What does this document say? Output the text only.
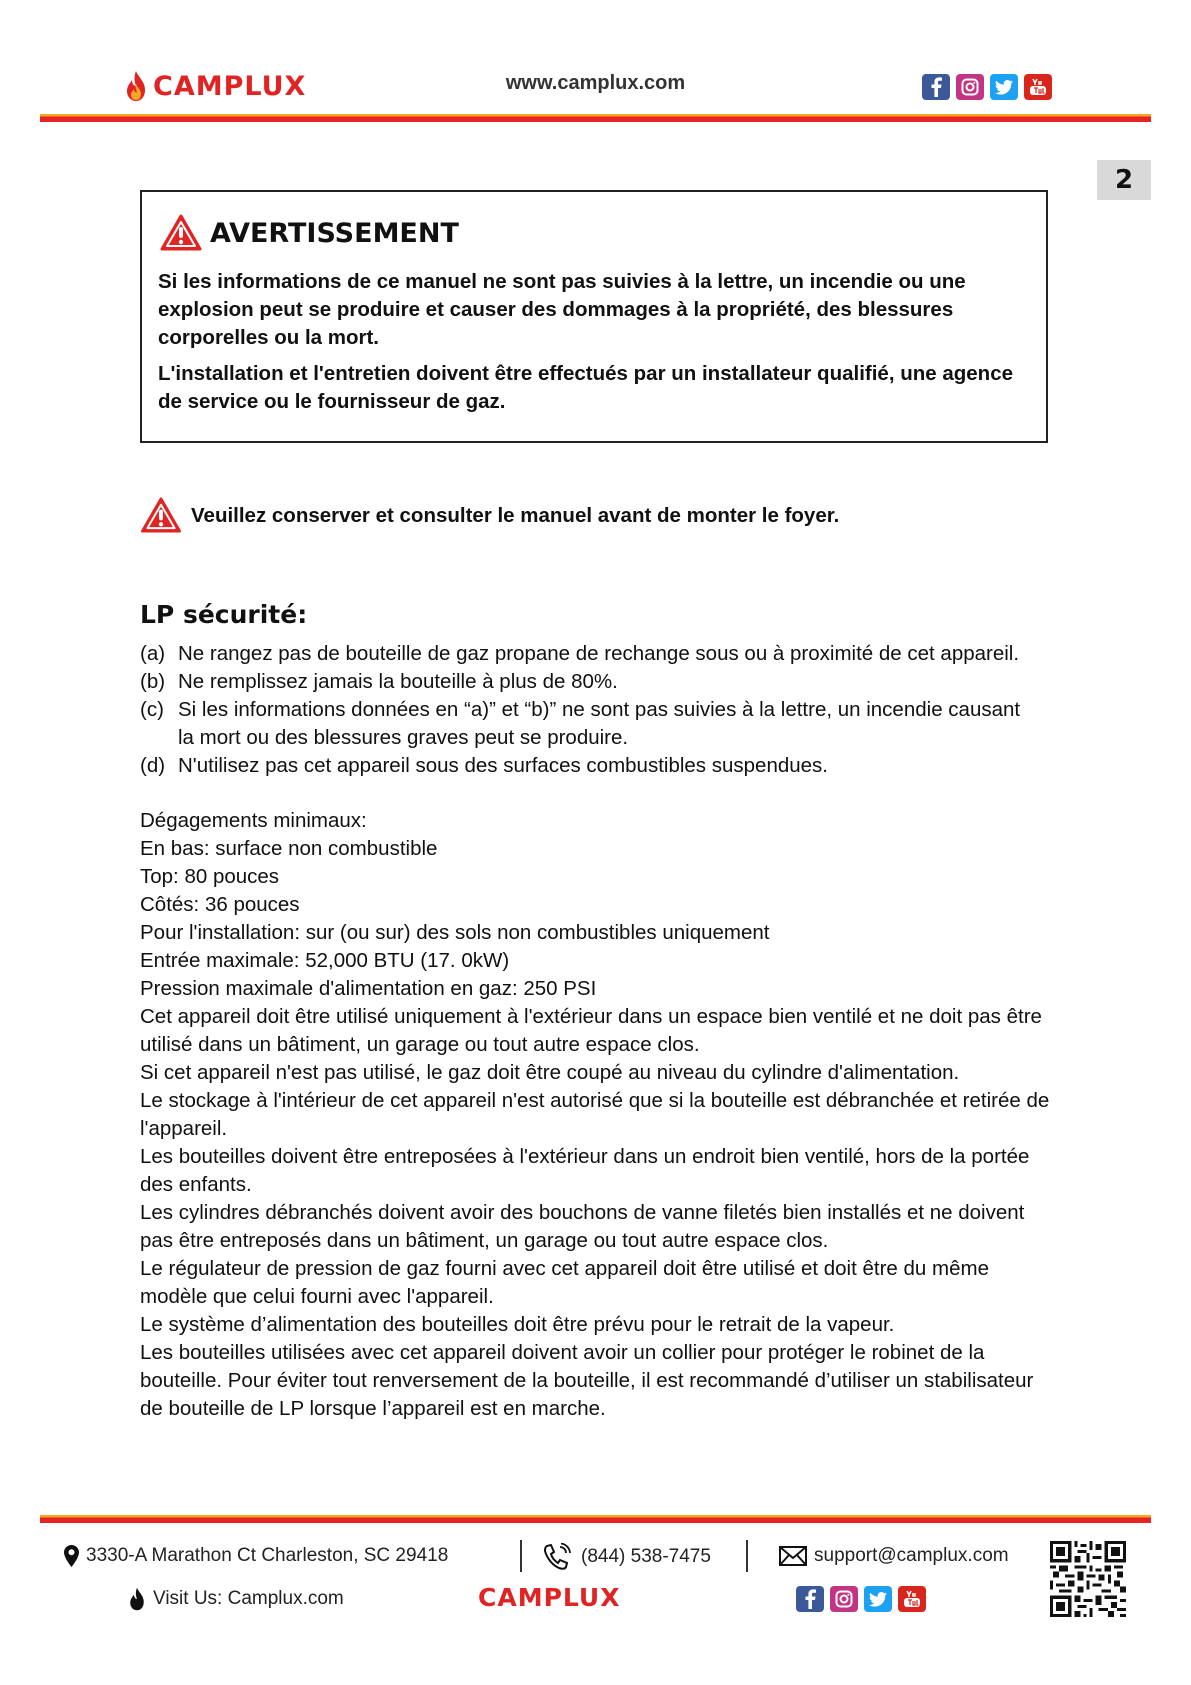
CAMPLUX	www.camplux.com
2
AVERTISSEMENT

Si les informations de ce manuel ne sont pas suivies à la lettre, un incendie ou une explosion peut se produire et causer des dommages à la propriété, des blessures corporelles ou la mort.

L'installation et l'entretien doivent être effectués par un installateur qualifié, une agence de service ou le fournisseur de gaz.

Veuillez conserver et consulter le manuel avant de monter le foyer.
LP sécurité:
(a) Ne rangez pas de bouteille de gaz propane de rechange sous ou à proximité de cet appareil.
(b) Ne remplissez jamais la bouteille à plus de 80%.
(c) Si les informations données en “a)” et “b)” ne sont pas suivies à la lettre, un incendie causant la mort ou des blessures graves peut se produire.
(d) N'utilisez pas cet appareil sous des surfaces combustibles suspendues.

Dégagements minimaux:

En bas: surface non combustible

Top: 80 pouces

Côtés: 36 pouces

Pour l'installation: sur (ou sur) des sols non combustibles uniquement

Entrée maximale: 52,000 BTU (17. 0kW)

Pression maximale d'alimentation en gaz: 250 PSI

Cet appareil doit être utilisé uniquement à l'extérieur dans un espace bien ventilé et ne doit pas être utilisé dans un bâtiment, un garage ou tout autre espace clos.

Si cet appareil n'est pas utilisé, le gaz doit être coupé au niveau du cylindre d'alimentation.

Le stockage à l'intérieur de cet appareil n'est autorisé que si la bouteille est débranchée et retirée de l'appareil.

Les bouteilles doivent être entreposées à l'extérieur dans un endroit bien ventilé, hors de la portée des enfants.

Les cylindres débranchés doivent avoir des bouchons de vanne filetés bien installés et ne doivent pas être entreposés dans un bâtiment, un garage ou tout autre espace clos.

Le régulateur de pression de gaz fourni avec cet appareil doit être utilisé et doit être du même modèle que celui fourni avec l'appareil.

Le système d’alimentation des bouteilles doit être prévu pour le retrait de la vapeur.

Les bouteilles utilisées avec cet appareil doivent avoir un collier pour protéger le robinet de la bouteille. Pour éviter tout renversement de la bouteille, il est recommandé d’utiliser un stabilisateur de bouteille de LP lorsque l’appareil est en marche.

3330-A Marathon Ct Charleston, SC 29418	(844) 538-7475	support@camplux.com
Visit Us: Camplux.com	CAMPLUX
